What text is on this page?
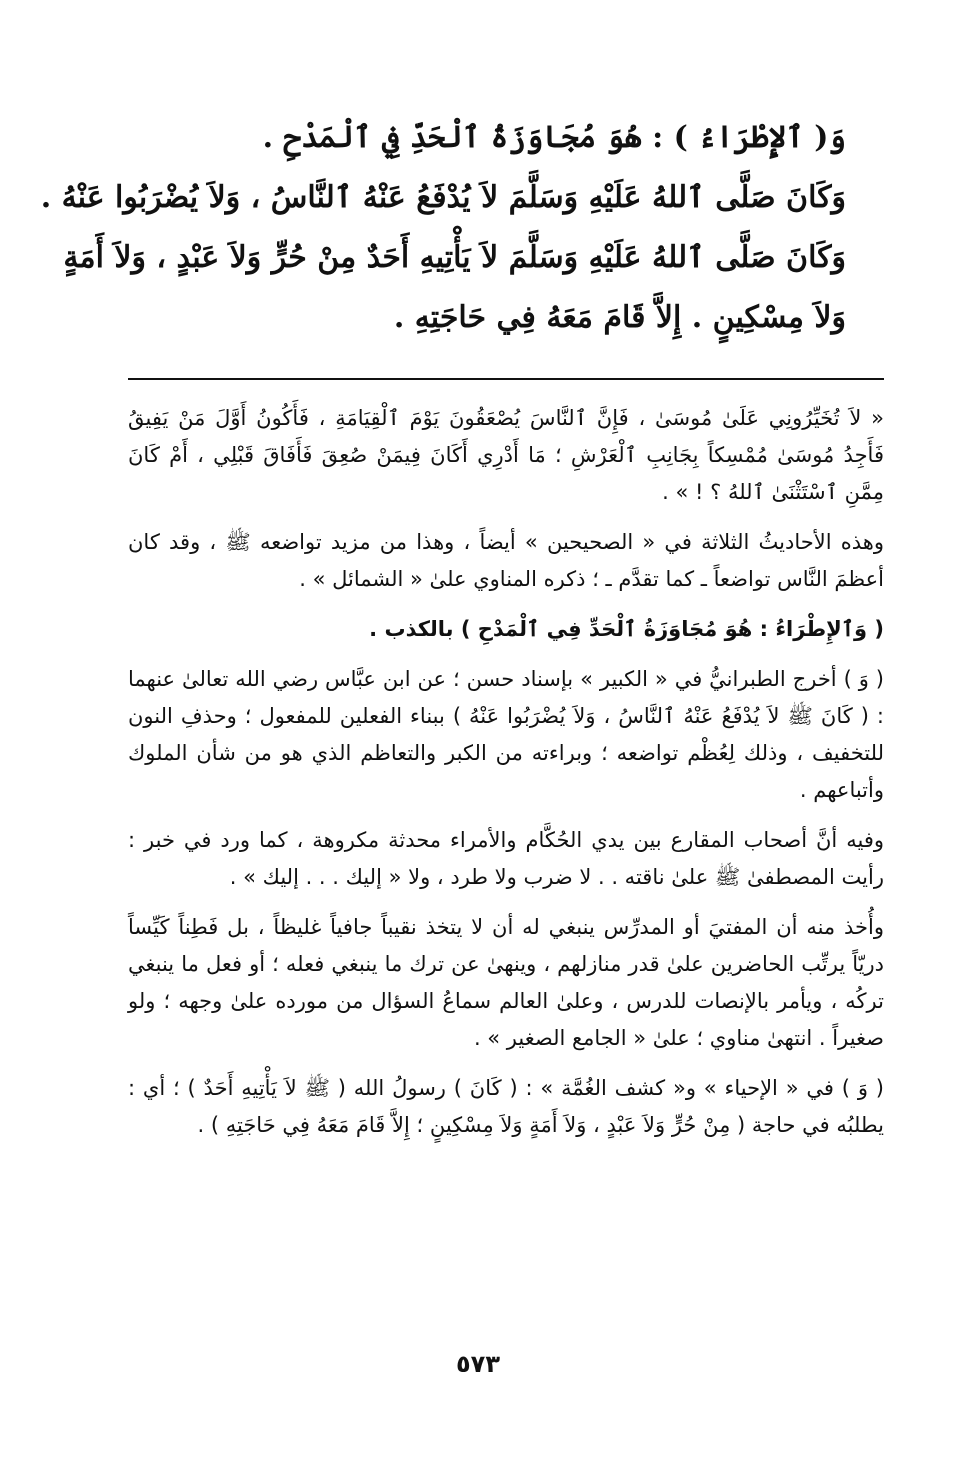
وَ( ٱلإِطْرَاءُ ) : هُوَ مُجَاوَزَةُ ٱلْحَدِّ فِي ٱلْمَدْحِ .

وَكَانَ صَلَّى ٱللهُ عَلَيْهِ وَسَلَّمَ لاَ يُدْفَعُ عَنْهُ ٱلنَّاسُ ، وَلاَ يُضْرَبُوا عَنْهُ .

وَكَانَ صَلَّى ٱللهُ عَلَيْهِ وَسَلَّمَ لاَ يَأْتِيهِ أَحَدٌ مِنْ حُرٍّ وَلاَ عَبْدٍ ، وَلاَ أَمَةٍ

وَلاَ مِسْكِينٍ . إِلاَّ قَامَ مَعَهُ فِي حَاجَتِهِ .

« لاَ تُخَيِّرُونِي عَلَىٰ مُوسَىٰ ، فَإِنَّ ٱلنَّاسَ يُصْعَقُونَ يَوْمَ ٱلْقِيَامَةِ ، فَأَكُونُ أَوَّلَ مَنْ يَفِيقُ فَأَجِدُ مُوسَىٰ مُمْسِكاً بِجَانِبِ ٱلْعَرْشِ ؛ مَا أَدْرِي أَكَانَ فِيمَنْ صُعِقَ فَأَفَاقَ قَبْلِي ، أَمْ كَانَ مِمَّنِ ٱسْتَثْنَىٰ ٱللهُ ؟ ! » .

وهذه الأحاديثُ الثلاثة في « الصحيحين » أيضاً ، وهذا من مزيد تواضعه ﷺ ، وقد كان أعظمَ النَّاس تواضعاً ـ كما تقدَّم ـ ؛ ذكره المناوي علىٰ « الشمائل » .

( وَٱلإِطْرَاءُ : هُوَ مُجَاوَزَةُ ٱلْحَدِّ فِي ٱلْمَدْحِ ) بالكذب .

( وَ ) أخرج الطبرانيُّ في « الكبير » بإسناد حسن ؛ عن ابن عبَّاس رضي الله تعالىٰ عنهما : ( كَانَ ﷺ لاَ يُدْفَعُ عَنْهُ ٱلنَّاسُ ، وَلاَ يُضْرَبُوا عَنْهُ ) ببناء الفعلين للمفعول ؛ وحذفِ النون للتخفيف ، وذلك لِعُظْم تواضعه ؛ وبراءته من الكبر والتعاظم الذي هو من شأن الملوك وأتباعهم .

وفيه أنَّ أصحاب المقارع بين يدي الحُكَّام والأمراء محدثة مكروهة ، كما ورد في خبر : رأيت المصطفىٰ ﷺ علىٰ ناقته . . لا ضرب ولا طرد ، ولا « إليك . . . إليك » .

وأُخذ منه أن المفتيَ أو المدرِّس ينبغي له أن لا يتخذ نقيباً جافياً غليظاً ، بل فَطِناً كَيِّساً دريّاً يرتِّب الحاضرين علىٰ قدر منازلهم ، وينهىٰ عن ترك ما ينبغي فعله ؛ أو فعل ما ينبغي تركُه ، ويأمر بالإنصات للدرس ، وعلىٰ العالم سماعُ السؤال من مورده علىٰ وجهه ؛ ولو صغيراً . انتهىٰ مناوي ؛ علىٰ « الجامع الصغير » .

( وَ ) في « الإحياء » و« كشف الغُمَّة » : ( كَانَ ) رسولُ الله ( ﷺ لاَ يَأْتِيهِ أَحَدٌ ) ؛ أي : يطلبُه في حاجة ( مِنْ حُرٍّ وَلاَ عَبْدٍ ، وَلاَ أَمَةٍ وَلاَ مِسْكِينٍ ؛ إِلاَّ قَامَ مَعَهُ فِي حَاجَتِهِ ) .

٥٧٣
